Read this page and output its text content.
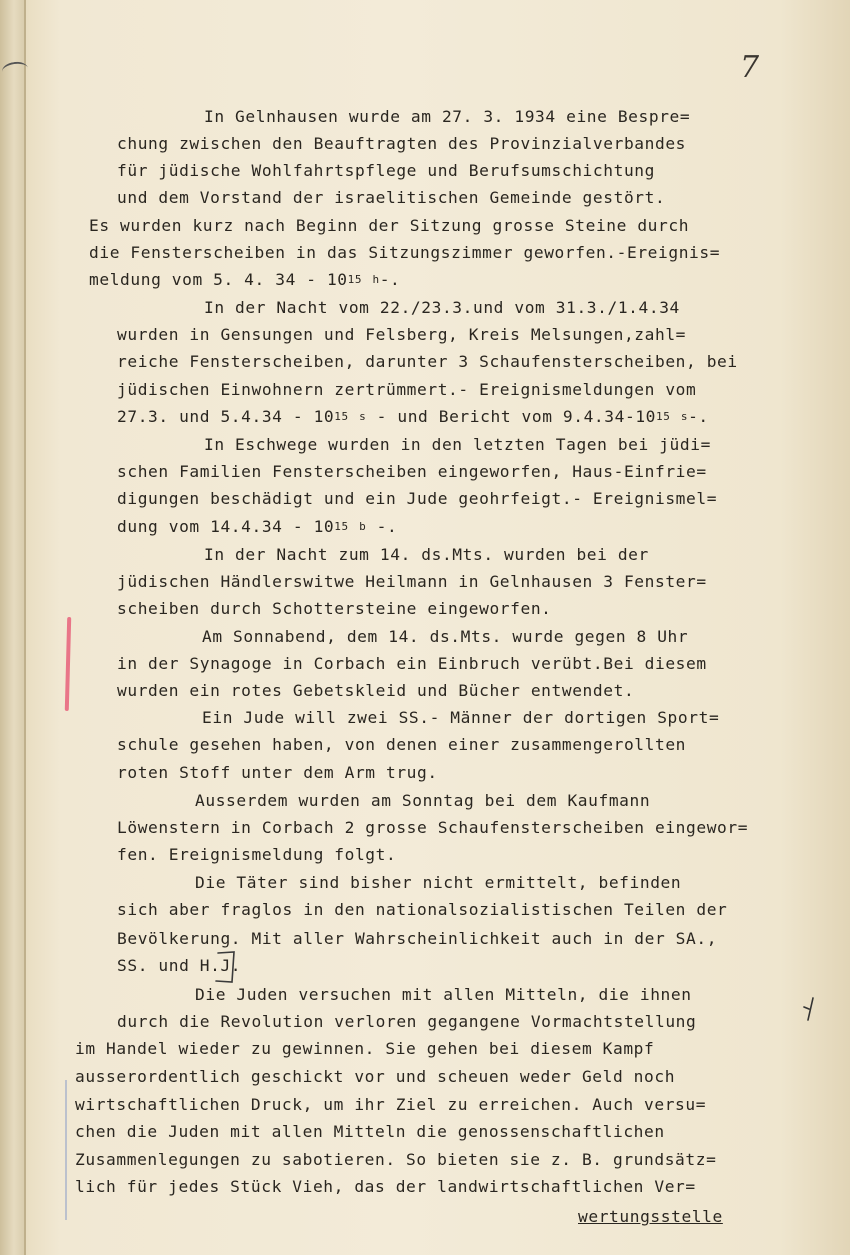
7
In Gelnhausen wurde am 27. 3. 1934 eine Bespre=
chung zwischen den Beauftragten des Provinzialverbandes
für jüdische Wohlfahrtspflege und Berufsumschichtung
und dem Vorstand der israelitischen Gemeinde gestört.
Es wurden kurz nach Beginn der Sitzung grosse Steine durch
die Fensterscheiben in das Sitzungszimmer geworfen.-Ereignis=
meldung vom 5. 4. $34 - 10^{15}$ $^h$-.
In der Nacht vom 22./23.3.und vom 31.3./1.4.34
wurden in Gensungen und Felsberg, Kreis Melsungen,zahl=
reiche Fensterscheiben, darunter 3 Schaufensterscheiben, bei
jüdischen Einwohnern zertrümmert.- Ereignismeldungen vom
27.3. und $5.4.34 - 10^{15}$ $^s$ - und Bericht vom $9.4.34-10^{15}$ $^s$-.
In Eschwege wurden in den letzten Tagen bei jüdi=
schen Familien Fensterscheiben eingeworfen, Haus-Einfrie=
digungen beschädigt und ein Jude geohrfeigt.- Ereignismel=
dung vom $14.4.34 - 10^{15}$ $^b$ -.
In der Nacht zum 14. ds.Mts. wurden bei der
jüdischen Händlerswitwe Heilmann in Gelnhausen 3 Fenster=
scheiben durch Schottersteine eingeworfen.
Am Sonnabend, dem 14. ds.Mts. wurde gegen 8 Uhr
in der Synagoge in Corbach ein Einbruch verübt.Bei diesem
wurden ein rotes Gebetskleid und Bücher entwendet.
Ein Jude will zwei SS.- Männer der dortigen Sport=
schule gesehen haben, von denen einer zusammengerollten
roten Stoff unter dem Arm trug.
Ausserdem wurden am Sonntag bei dem Kaufmann
Löwenstern in Corbach 2 grosse Schaufensterscheiben eingewor=
fen. Ereignismeldung folgt.
Die Täter sind bisher nicht ermittelt, befinden
sich aber fraglos in den nationalsozialistischen Teilen der
Bevölkerung. Mit aller Wahrscheinlichkeit auch in der SA.,
SS. und H.J.
Die Juden versuchen mit allen Mitteln, die ihnen
durch die Revolution verloren gegangene Vormachtstellung
im Handel wieder zu gewinnen. Sie gehen bei diesem Kampf
ausserordentlich geschickt vor und scheuen weder Geld noch
wirtschaftlichen Druck, um ihr Ziel zu erreichen. Auch versu=
chen die Juden mit allen Mitteln die genossenschaftlichen
Zusammenlegungen zu sabotieren. So bieten sie z. B. grundsätz=
lich für jedes Stück Vieh, das der landwirtschaftlichen Ver=
wertungsstelle
